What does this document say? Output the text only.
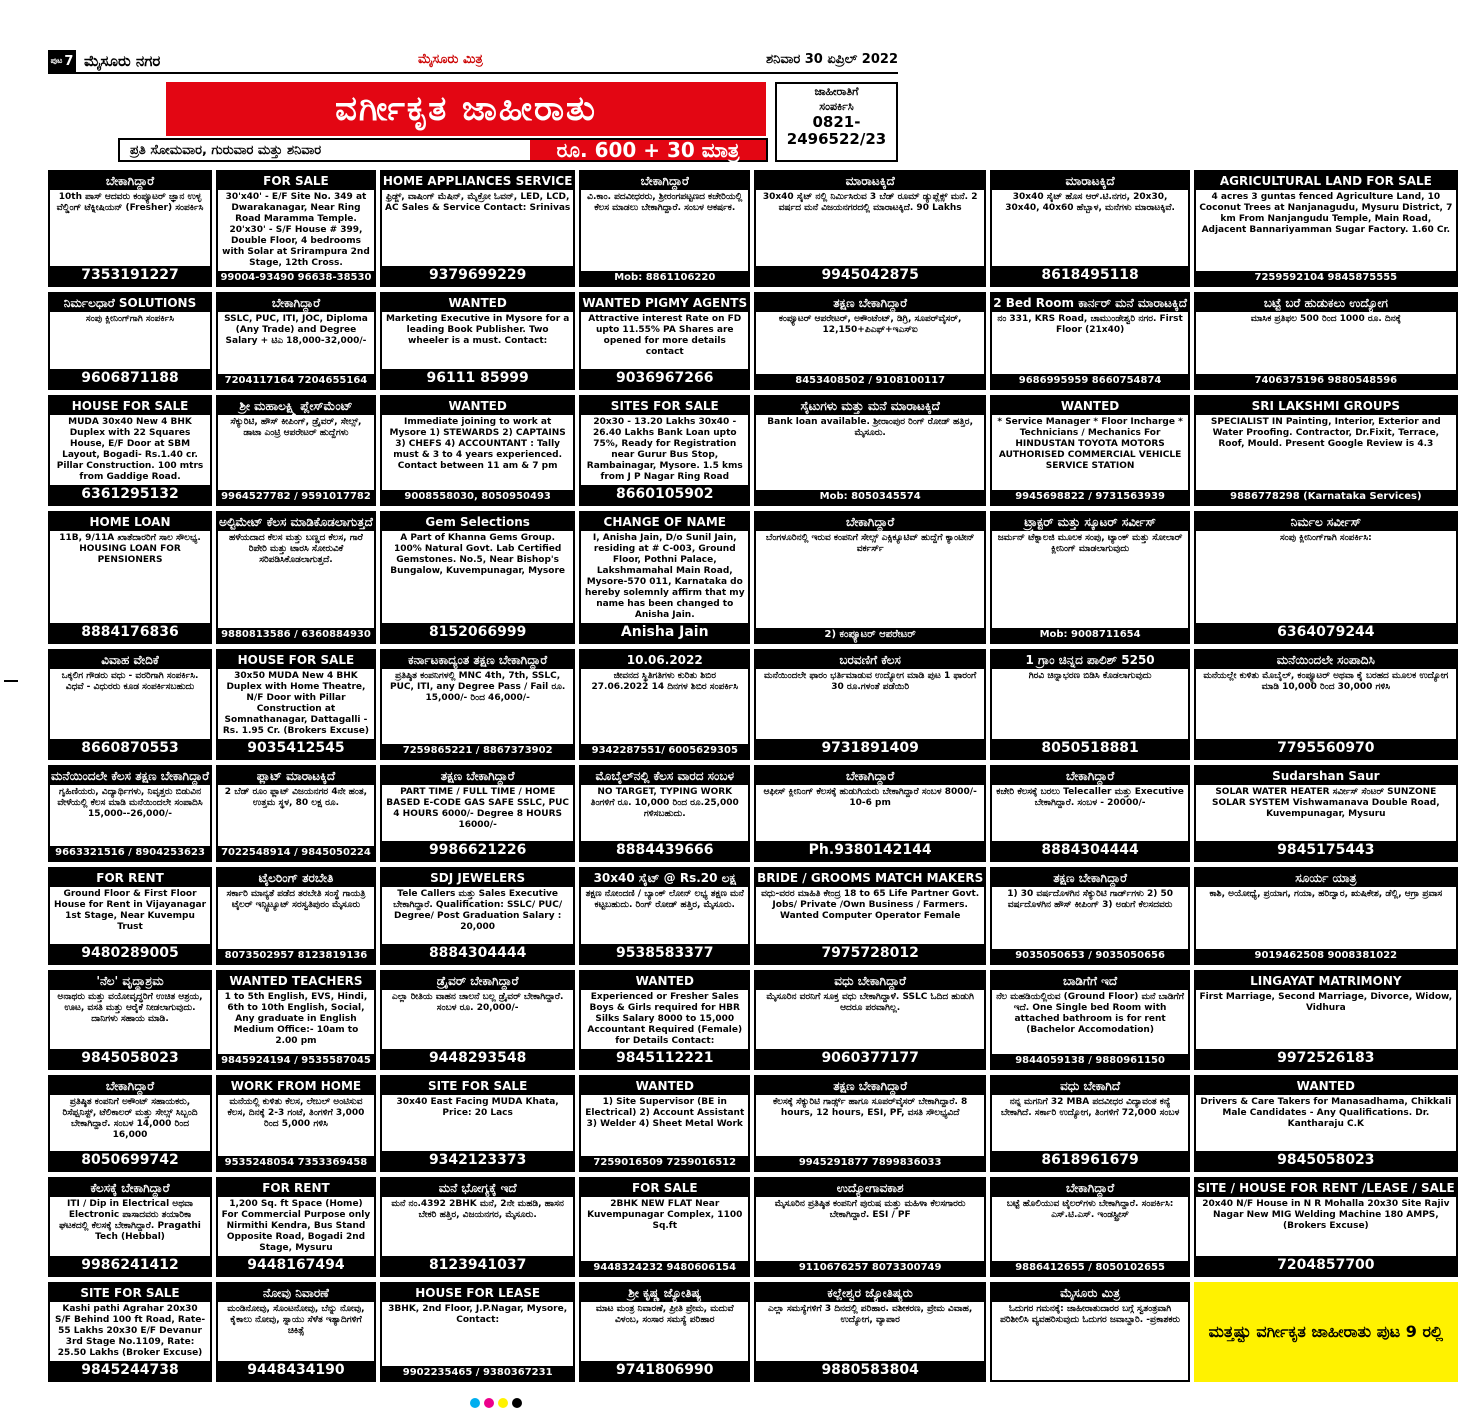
ಪುಟ 7 ಮೈಸೂರು ನಗರ	ಮೈಸೂರು ಮಿತ್ರ	ಶನಿವಾರ 30 ಏಪ್ರಿಲ್ 2022
ವರ್ಗೀಕೃತ ಜಾಹೀರಾತು
ಪ್ರತಿ ಸೋಮವಾರ, ಗುರುವಾರ ಮತ್ತು ಶನಿವಾರ	ರೂ. 600 + 30 ಮಾತ್ರ
ಜಾಹೀರಾತಿಗೆ
ಸಂಪರ್ಕಿಸಿ
0821-
2496522/23
ಬೇಕಾಗಿದ್ದಾರೆ
10th ಪಾಸ್ ಆದವರು ಕಂಪ್ಯೂಟರ್ ಜ್ಞಾನ ಉಳ್ಳ ವೆಲ್ಡಿಂಗ್ ಟೆಕ್ನೀಷಿಯನ್ (Fresher) ಸಂಪರ್ಕಿಸಿ
7353191227
FOR SALE
30'x40' - E/F Site No. 349 at Dwarakanagar, Near Ring Road Maramma Temple. 20'x30' - S/F House # 399, Double Floor, 4 bedrooms with Solar at Srirampura 2nd Stage, 12th Cross.
99004-93490 96638-38530
HOME APPLIANCES SERVICE
ಫ್ರಿಡ್ಜ್, ವಾಷಿಂಗ್ ಮೆಷಿನ್, ಮೈಕ್ರೋ ಓವನ್, LED, LCD, AC Sales & Service Contact: Srinivas
9379699229
ಬೇಕಾಗಿದ್ದಾರೆ
ವಿ.ಕಾಂ. ಪದವೀಧರರು, ಶ್ರೀರಂಗಪಟ್ಟಣದ ಕಚೇರಿಯಲ್ಲಿ ಕೆಲಸ ಮಾಡಲು ಬೇಕಾಗಿದ್ದಾರೆ. ಸಂಬಳ ಆಕರ್ಷಕ.
Mob: 8861106220
ಮಾರಾಟಕ್ಕಿದೆ
30x40 ಸೈಟ್ ನಲ್ಲಿ ನಿರ್ಮಿಸಿರುವ 3 ಬೆಡ್ ರೂಮ್ ಡ್ಯುಪ್ಲೆಕ್ಸ್ ಮನೆ. 2 ವರ್ಷದ ಮನೆ ವಿಜಯನಗರದಲ್ಲಿ ಮಾರಾಟಕ್ಕಿದೆ. 90 Lakhs
9945042875
ಮಾರಾಟಕ್ಕಿದೆ
30x40 ಸೈಟ್ ಹೊಸ ಆರ್.ಟಿ.ನಗರ, 20x30, 30x40, 40x60 ಹೆಬ್ಬಾಳ, ಮನೆಗಳು ಮಾರಾಟಕ್ಕಿವೆ.
8618495118
AGRICULTURAL LAND FOR SALE
4 acres 3 guntas fenced Agriculture Land, 10 Coconut Trees at Nanjanagudu, Mysuru District, 7 km From Nanjangudu Temple, Main Road, Adjacent Bannariyamman Sugar Factory. 1.60 Cr.
7259592104 9845875555
ನಿರ್ಮಲಧಾರೆ SOLUTIONS
ಸಂಪು ಕ್ಲೀನಿಂಗ್‌ಗಾಗಿ ಸಂಪರ್ಕಿಸಿ
9606871188
ಬೇಕಾಗಿದ್ದಾರೆ
SSLC, PUC, ITI, JOC, Diploma (Any Trade) and Degree Salary + ಟಿಎ 18,000-32,000/-
7204117164 7204655164
WANTED
Marketing Executive in Mysore for a leading Book Publisher. Two wheeler is a must. Contact:
96111 85999
WANTED PIGMY AGENTS
Attractive interest Rate on FD upto 11.55% PA Shares are opened for more details contact
9036967266
ತಕ್ಷಣ ಬೇಕಾಗಿದ್ದಾರೆ
ಕಂಪ್ಯೂಟರ್ ಆಪರೇಟರ್, ಅಕೌಂಟೆಂಟ್, ಡಿಗ್ರಿ, ಸೂಪರ್‌ವೈಸರ್, 12,150+ಪಿಎಫ್+ಇಎಸ್ಐ
8453408502 / 9108100117
2 Bed Room ಕಾರ್ನರ್ ಮನೆ ಮಾರಾಟಕ್ಕಿದೆ
ನಂ 331, KRS Road, ಚಾಮುಂಡೇಶ್ವರಿ ನಗರ. First Floor (21x40)
9686995959 8660754874
ಬಟ್ಟೆ ಬರೆ ಹುಡುಕಲು ಉದ್ಯೋಗ
ಮಾಸಿಕ ಪ್ರತಿಫಲ 500 ರಿಂದ 1000 ರೂ. ದಿನಕ್ಕೆ
7406375196 9880548596
HOUSE FOR SALE
MUDA 30x40 New 4 BHK Duplex with 22 Squares House, E/F Door at SBM Layout, Bogadi- Rs.1.40 cr. Pillar Construction. 100 mtrs from Gaddige Road.
6361295132
ಶ್ರೀ ಮಹಾಲಕ್ಷ್ಮಿ ಪ್ಲೇಸ್‌ಮೆಂಟ್
ಸೆಕ್ಯುರಿಟಿ, ಹೌಸ್ ಕೀಪಿಂಗ್, ಡ್ರೈವರ್, ಸೇಲ್ಸ್, ಡಾಟಾ ಎಂಟ್ರಿ ಆಪರೇಟರ್ ಹುದ್ದೆಗಳು
9964527782 / 9591017782
WANTED
Immediate joining to work at Mysore 1) STEWARDS 2) CAPTAINS 3) CHEFS 4) ACCOUNTANT : Tally must & 3 to 4 years experienced. Contact between 11 am & 7 pm
9008558030, 8050950493
SITES FOR SALE
20x30 - 13.20 Lakhs 30x40 - 26.40 Lakhs Bank Loan upto 75%, Ready for Registration near Gurur Bus Stop, Rambainagar, Mysore. 1.5 kms from J P Nagar Ring Road
8660105902
ಸೈಟುಗಳು ಮತ್ತು ಮನೆ ಮಾರಾಟಕ್ಕಿದೆ
Bank loan available. ಶ್ರೀರಾಂಪುರ ರಿಂಗ್ ರೋಡ್ ಹತ್ತಿರ, ಮೈಸೂರು.
Mob: 8050345574
WANTED
* Service Manager * Floor Incharge * Technicians / Mechanics For HINDUSTAN TOYOTA MOTORS AUTHORISED COMMERCIAL VEHICLE SERVICE STATION
9945698822 / 9731563939
SRI LAKSHMI GROUPS
SPECIALIST IN Painting, Interior, Exterior and Water Proofing. Contractor, Dr.Fixit, Terrace, Roof, Mould. Present Google Review is 4.3
9886778298 (Karnataka Services)
HOME LOAN
11B, 9/11A ಖಾತೆದಾರರಿಗೆ ಸಾಲ ಸೌಲಭ್ಯ. HOUSING LOAN FOR PENSIONERS
8884176836
ಅಲ್ಟಿಮೇಟ್ ಕೆಲಸ ಮಾಡಿಕೊಡಲಾಗುತ್ತದೆ
ಹಳೆಯದಾದ ಕೆಲಸ ಮತ್ತು ಬಣ್ಣದ ಕೆಲಸ, ಗಾರೆ ರಿಪೇರಿ ಮತ್ತು ಟಾರಸಿ ಸೋರುವಿಕೆ ಸರಿಪಡಿಸಿಕೊಡಲಾಗುತ್ತದೆ.
9880813586 / 6360884930
Gem Selections
A Part of Khanna Gems Group. 100% Natural Govt. Lab Certified Gemstones. No.5, Near Bishop's Bungalow, Kuvempunagar, Mysore
8152066999
CHANGE OF NAME
I, Anisha Jain, D/o Sunil Jain, residing at # C-003, Ground Floor, Pothni Palace, Lakshmamahal Main Road, Mysore-570 011, Karnataka do hereby solemnly affirm that my name has been changed to Anisha Jain.
Anisha Jain
ಬೇಕಾಗಿದ್ದಾರೆ
ಬೆಂಗಳೂರಿನಲ್ಲಿ ಇರುವ ಕಂಪನಿಗೆ ಸೇಲ್ಸ್ ಎಕ್ಸಿಕ್ಯೂಟಿವ್ ಹುದ್ದೆಗೆ ಕ್ಯಾಂಟೀನ್ ವರ್ಕರ್ಸ್
2) ಕಂಪ್ಯೂಟರ್ ಆಪರೇಟರ್
ಟ್ರ್ಯಾಕ್ಟರ್ ಮತ್ತು ಸ್ಕೂಟರ್ ಸರ್ವೀಸ್
ಜರ್ಮನ್ ಟೆಕ್ನಾಲಜಿ ಮೂಲಕ ಸಂಪು, ಟ್ಯಾಂಕ್ ಮತ್ತು ಸೋಲಾರ್ ಕ್ಲೀನಿಂಗ್ ಮಾಡಲಾಗುವುದು
Mob: 9008711654
ನಿರ್ಮಲ ಸರ್ವೀಸ್
ಸಂಪು ಕ್ಲೀನಿಂಗ್‌ಗಾಗಿ ಸಂಪರ್ಕಿಸಿ:
6364079244
ವಿವಾಹ ವೇದಿಕೆ
ಒಕ್ಕಲಿಗ ಗೌಡರು ವಧು - ವರರಿಗಾಗಿ ಸಂಪರ್ಕಿಸಿ. ವಿಧವೆ - ವಿಧುರರು ಕೂಡ ಸಂಪರ್ಕಿಸಬಹುದು
8660870553
HOUSE FOR SALE
30x50 MUDA New 4 BHK Duplex with Home Theatre, N/F Door with Pillar Construction at Somnathanagar, Dattagalli - Rs. 1.95 Cr. (Brokers Excuse)
9035412545
ಕರ್ನಾಟಕಾದ್ಯಂತ ತಕ್ಷಣ ಬೇಕಾಗಿದ್ದಾರೆ
ಪ್ರತಿಷ್ಠಿತ ಕಂಪನಿಗಳಲ್ಲಿ MNC 4th, 7th, SSLC, PUC, ITI, any Degree Pass / Fail ರೂ. 15,000/- ರಿಂದ 46,000/-
7259865221 / 8867373902
10.06.2022
ಜೀವನದ ಸ್ಥಿತಿಗತಿಗಳು ಕುರಿತು ಶಿಬಿರ 27.06.2022 14 ದಿನಗಳ ಶಿಬಿರ ಸಂಪರ್ಕಿಸಿ
9342287551/ 6005629305
ಬರವಣಿಗೆ ಕೆಲಸ
ಮನೆಯಿಂದಲೇ ಫಾರಂ ಭರ್ತಿಮಾಡುವ ಉದ್ಯೋಗ ಮಾಡಿ ಪುಟ 1 ಫಾರಂಗೆ 30 ರೂ.ಗಳಂತೆ ಪಡೆಯಿರಿ
9731891409
1 ಗ್ರಾಂ ಚಿನ್ನದ ಪಾಲಿಶ್ 5250
ಗಿರವಿ ಚಿನ್ನಾಭರಣ ಬಿಡಿಸಿ ಕೊಡಲಾಗುವುದು
8050518881
ಮನೆಯಿಂದಲೇ ಸಂಪಾದಿಸಿ
ಮನೆಯಲ್ಲೇ ಕುಳಿತು ಮೊಬೈಲ್, ಕಂಪ್ಯೂಟರ್ ಅಥವಾ ಕೈ ಬರಹದ ಮೂಲಕ ಉದ್ಯೋಗ ಮಾಡಿ 10,000 ರಿಂದ 30,000 ಗಳಿಸಿ
7795560970
ಮನೆಯಿಂದಲೇ ಕೆಲಸ ತಕ್ಷಣ ಬೇಕಾಗಿದ್ದಾರೆ
ಗೃಹಿಣಿಯರು, ವಿದ್ಯಾರ್ಥಿಗಳು, ನಿವೃತ್ತರು ಬಿಡುವಿನ ವೇಳೆಯಲ್ಲಿ ಕೆಲಸ ಮಾಡಿ ಮನೆಯಿಂದಲೇ ಸಂಪಾದಿಸಿ 15,000--26,000/-
9663321516 / 8904253623
ಫ್ಲಾಟ್ ಮಾರಾಟಕ್ಕಿದೆ
2 ಬೆಡ್ ರೂಂ ಫ್ಲಾಟ್ ವಿಜಯನಗರ 4ನೇ ಹಂತ, ಉತ್ತಮ ಸ್ಥಳ, 80 ಲಕ್ಷ ರೂ.
7022548914 / 9845050224
ತಕ್ಷಣ ಬೇಕಾಗಿದ್ದಾರೆ
PART TIME / FULL TIME / HOME BASED E-CODE GAS SAFE SSLC, PUC 4 HOURS 6000/- Degree 8 HOURS 16000/-
9986621226
ಮೊಬೈಲ್‌ನಲ್ಲಿ ಕೆಲಸ ವಾರದ ಸಂಬಳ
NO TARGET, TYPING WORK ತಿಂಗಳಿಗೆ ರೂ. 10,000 ರಿಂದ ರೂ.25,000 ಗಳಿಸಬಹುದು.
8884439666
ಬೇಕಾಗಿದ್ದಾರೆ
ಆಫೀಸ್ ಕ್ಲೀನಿಂಗ್ ಕೆಲಸಕ್ಕೆ ಹುಡುಗಿಯರು ಬೇಕಾಗಿದ್ದಾರೆ ಸಂಬಳ 8000/- 10-6 pm
Ph.9380142144
ಬೇಕಾಗಿದ್ದಾರೆ
ಕಚೇರಿ ಕೆಲಸಕ್ಕೆ ಬರಲು Telecaller ಮತ್ತು Executive ಬೇಕಾಗಿದ್ದಾರೆ. ಸಂಬಳ - 20000/-
8884304444
Sudarshan Saur
SOLAR WATER HEATER ಸರ್ವೀಸ್ ಸೆಂಟರ್ SUNZONE SOLAR SYSTEM Vishwamanava Double Road, Kuvempunagar, Mysuru
9845175443
FOR RENT
Ground Floor & First Floor House for Rent in Vijayanagar 1st Stage, Near Kuvempu Trust
9480289005
ಟೈಲರಿಂಗ್ ತರಬೇತಿ
ಸರ್ಕಾರಿ ಮಾನ್ಯತೆ ಪಡೆದ ತರಬೇತಿ ಸಂಸ್ಥೆ ಗಾಯತ್ರಿ ಟೈಲರ್ ಇನ್ಸ್ಟಿಟ್ಯೂಟ್ ಸರಸ್ವತಿಪುರಂ ಮೈಸೂರು
8073502957 8123819136
SDJ JEWELERS
Tele Callers ಮತ್ತು Sales Executive ಬೇಕಾಗಿದ್ದಾರೆ. Qualification: SSLC/ PUC/ Degree/ Post Graduation Salary : 20,000
8884304444
30x40 ಸೈಟ್ @ Rs.20 ಲಕ್ಷ
ತಕ್ಷಣ ನೋಂದಣಿ / ಬ್ಯಾಂಕ್ ಲೋನ್ ಲಭ್ಯ ತಕ್ಷಣ ಮನೆ ಕಟ್ಟಬಹುದು. ರಿಂಗ್ ರೋಡ್ ಹತ್ತಿರ, ಮೈಸೂರು.
9538583377
BRIDE / GROOMS MATCH MAKERS
ವಧು-ವರರ ಮಾಹಿತಿ ಕೇಂದ್ರ 18 to 65 Life Partner Govt. Jobs/ Private /Own Business / Farmers. Wanted Computer Operator Female
7975728012
ತಕ್ಷಣ ಬೇಕಾಗಿದ್ದಾರೆ
1) 30 ವರ್ಷದೊಳಗಿನ ಸೆಕ್ಯುರಿಟಿ ಗಾರ್ಡ್‌ಗಳು 2) 50 ವರ್ಷದೊಳಗಿನ ಹೌಸ್ ಕೀಪಿಂಗ್ 3) ಅಡುಗೆ ಕೆಲಸದವರು
9035050653 / 9035050656
ಸೂರ್ಯ ಯಾತ್ರ
ಕಾಶಿ, ಅಯೋಧ್ಯೆ, ಪ್ರಯಾಗ, ಗಯಾ, ಹರಿದ್ವಾರ, ಋಷಿಕೇಶ, ಡೆಲ್ಲಿ, ಆಗ್ರಾ ಪ್ರವಾಸ
9019462508 9008381022
'ನೆಲ' ವೃದ್ಧಾಶ್ರಮ
ಅನಾಥರು ಮತ್ತು ವಯೋವೃದ್ಧರಿಗೆ ಉಚಿತ ಆಶ್ರಯ, ಊಟ, ವಸತಿ ಮತ್ತು ಆರೈಕೆ ನೀಡಲಾಗುವುದು. ದಾನಿಗಳು ಸಹಾಯ ಮಾಡಿ.
9845058023
WANTED TEACHERS
1 to 5th English, EVS, Hindi, 6th to 10th English, Social, Any graduate in English Medium Office:- 10am to 2.00 pm
9845924194 / 9535587045
ಡ್ರೈವರ್ ಬೇಕಾಗಿದ್ದಾರೆ
ಎಲ್ಲಾ ರೀತಿಯ ವಾಹನ ಚಾಲನೆ ಬಲ್ಲ ಡ್ರೈವರ್ ಬೇಕಾಗಿದ್ದಾರೆ. ಸಂಬಳ ರೂ. 20,000/-
9448293548
WANTED
Experienced or Fresher Sales Boys & Girls required for HBR Silks Salary 8000 to 15,000 Accountant Required (Female) for Details Contact:
9845112221
ವಧು ಬೇಕಾಗಿದ್ದಾರೆ
ಮೈಸೂರಿನ ವರನಿಗೆ ಸೂಕ್ತ ವಧು ಬೇಕಾಗಿದ್ದಾಳೆ. SSLC ಓದಿದ ಹುಡುಗಿ ಆದರೂ ಪರವಾಗಿಲ್ಲ.
9060377177
ಬಾಡಿಗೆಗೆ ಇದೆ
ನೆಲ ಮಹಡಿಯಲ್ಲಿರುವ (Ground Floor) ಮನೆ ಬಾಡಿಗೆಗೆ ಇದೆ. One Single bed Room with attached bathroom is for rent (Bachelor Accomodation)
9844059138 / 9880961150
LINGAYAT MATRIMONY
First Marriage, Second Marriage, Divorce, Widow, Vidhura
9972526183
ಬೇಕಾಗಿದ್ದಾರೆ
ಪ್ರತಿಷ್ಠಿತ ಕಂಪನಿಗೆ ಅಕೌಂಟ್ ಸಹಾಯಕರು, ರಿಸೆಪ್ಷನಿಸ್ಟ್, ಟೆಲಿಕಾಲರ್ ಮತ್ತು ಸೇಲ್ಸ್ ಸಿಬ್ಬಂದಿ ಬೇಕಾಗಿದ್ದಾರೆ. ಸಂಬಳ 14,000 ರಿಂದ 16,000
8050699742
WORK FROM HOME
ಮನೆಯಲ್ಲಿ ಕುಳಿತು ಕೆಲಸ, ಲೇಬಲ್ ಅಂಟಿಸುವ ಕೆಲಸ, ದಿನಕ್ಕೆ 2-3 ಗಂಟೆ, ತಿಂಗಳಿಗೆ 3,000 ರಿಂದ 5,000 ಗಳಿಸಿ
9535248054 7353369458
SITE FOR SALE
30x40 East Facing MUDA Khata, Price: 20 Lacs
9342123373
WANTED
1) Site Supervisor (BE in Electrical) 2) Account Assistant 3) Welder 4) Sheet Metal Work
7259016509 7259016512
ತಕ್ಷಣ ಬೇಕಾಗಿದ್ದಾರೆ
ಕೆಲಸಕ್ಕೆ ಸೆಕ್ಯುರಿಟಿ ಗಾರ್ಡ್ಸ್ ಹಾಗೂ ಸೂಪರ್‌ವೈಸರ್ ಬೇಕಾಗಿದ್ದಾರೆ. 8 hours, 12 hours, ESI, PF, ವಸತಿ ಸೌಲಭ್ಯವಿದೆ
9945291877 7899836033
ವಧು ಬೇಕಾಗಿದೆ
ನನ್ನ ಮಗನಿಗೆ 32 MBA ಪದವೀಧರ ವಿದ್ಯಾವಂತ ಕನ್ಯೆ ಬೇಕಾಗಿದೆ. ಸರ್ಕಾರಿ ಉದ್ಯೋಗ, ತಿಂಗಳಿಗೆ 72,000 ಸಂಬಳ
8618961679
WANTED
Drivers & Care Takers for Manasadhama, Chikkali Male Candidates - Any Qualifications. Dr. Kantharaju C.K
9845058023
ಕೆಲಸಕ್ಕೆ ಬೇಕಾಗಿದ್ದಾರೆ
ITI / Dip in Electrical ಅಥವಾ Electronic ಪಾಸಾದವರು ತಯಾರಿಕಾ ಘಟಕದಲ್ಲಿ ಕೆಲಸಕ್ಕೆ ಬೇಕಾಗಿದ್ದಾರೆ. Pragathi Tech (Hebbal)
9986241412
FOR RENT
1,200 Sq. ft Space (Home) For Commercial Purpose only Nirmithi Kendra, Bus Stand Opposite Road, Bogadi 2nd Stage, Mysuru
9448167494
ಮನೆ ಭೋಗ್ಯಕ್ಕೆ ಇದೆ
ಮನೆ ನಂ.4392 2BHK ಮನೆ, 2ನೇ ಮಹಡಿ, ಹಾಸನ ಬೇಕರಿ ಹತ್ತಿರ, ವಿಜಯನಗರ, ಮೈಸೂರು.
8123941037
FOR SALE
2BHK NEW FLAT Near Kuvempunagar Complex, 1100 Sq.ft
9448324232 9480606154
ಉದ್ಯೋಗಾವಕಾಶ
ಮೈಸೂರಿನ ಪ್ರತಿಷ್ಠಿತ ಕಂಪನಿಗೆ ಪುರುಷ ಮತ್ತು ಮಹಿಳಾ ಕೆಲಸಗಾರರು ಬೇಕಾಗಿದ್ದಾರೆ. ESI / PF
9110676257 8073300749
ಬೇಕಾಗಿದ್ದಾರೆ
ಬಟ್ಟೆ ಹೊಲಿಯುವ ಟೈಲರ್‌ಗಳು ಬೇಕಾಗಿದ್ದಾರೆ. ಸಂಪರ್ಕಿಸಿ: ಎಸ್.ಟಿ.ಎಸ್. ಇಂಡಸ್ಟ್ರೀಸ್
9886412655 / 8050102655
SITE / HOUSE FOR RENT /LEASE / SALE
20x40 N/F House in N R Mohalla 20x30 Site Rajiv Nagar New MIG Welding Machine 180 AMPS, (Brokers Excuse)
7204857700
SITE FOR SALE
Kashi pathi Agrahar 20x30 S/F Behind 100 ft Road, Rate- 55 Lakhs 20x30 E/F Devanur 3rd Stage No.1109, Rate: 25.50 Lakhs (Broker Excuse)
9845244738
ನೋವು ನಿವಾರಣೆ
ಮಂಡಿನೋವು, ಸೊಂಟನೋವು, ಬೆನ್ನು ನೋವು, ಕೈಕಾಲು ನೋವು, ಸ್ನಾಯು ಸೆಳೆತ ಇತ್ಯಾದಿಗಳಿಗೆ ಚಿಕಿತ್ಸೆ
9448434190
HOUSE FOR LEASE
3BHK, 2nd Floor, J.P.Nagar, Mysore, Contact:
9902235465 / 9380367231
ಶ್ರೀ ಕೃಷ್ಣ ಜ್ಯೋತಿಷ್ಯ
ಮಾಟ ಮಂತ್ರ ನಿವಾರಣೆ, ಪ್ರೀತಿ ಪ್ರೇಮ, ಮದುವೆ ವಿಳಂಬ, ಸಂಸಾರ ಸಮಸ್ಯೆ ಪರಿಹಾರ
9741806990
ಕಲ್ಲೇಶ್ವರ ಜ್ಯೋತಿಷ್ಯರು
ಎಲ್ಲಾ ಸಮಸ್ಯೆಗಳಿಗೆ 3 ದಿನದಲ್ಲಿ ಪರಿಹಾರ. ವಶೀಕರಣ, ಪ್ರೇಮ ವಿವಾಹ, ಉದ್ಯೋಗ, ವ್ಯಾಪಾರ
9880583804
ಮೈಸೂರು ಮಿತ್ರ
ಓದುಗರ ಗಮನಕ್ಕೆ: ಜಾಹೀರಾತುದಾರರ ಬಗ್ಗೆ ಸ್ವತಂತ್ರವಾಗಿ ಪರಿಶೀಲಿಸಿ ವ್ಯವಹರಿಸುವುದು ಓದುಗರ ಜವಾಬ್ದಾರಿ. -ಪ್ರಕಾಶಕರು
ಮತ್ತಷ್ಟು ವರ್ಗೀಕೃತ ಜಾಹೀರಾತು ಪುಟ 9 ರಲ್ಲಿ
